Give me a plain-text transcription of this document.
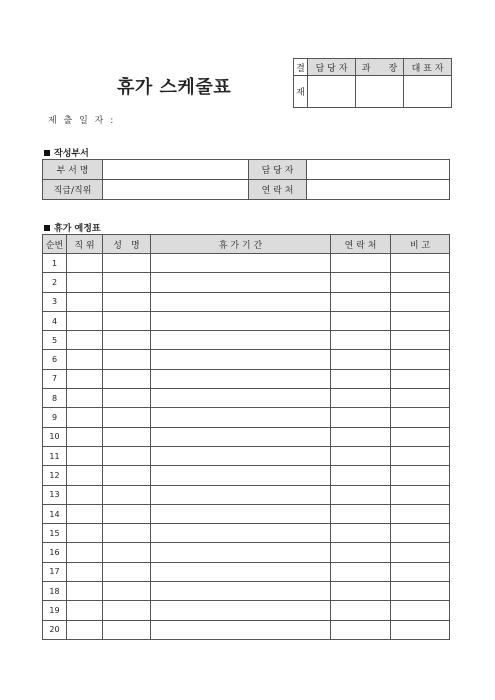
휴가 스케줄표
결	담 당 자	과　　장	대 표 자
재			
제 출 일 자 :
작성부서
부 서 명		담 당 자	
직급/직위		연 락 처	
휴가 예정표
순번	직 위	성　명	휴 가 기 간	연 락 처	비 고
1					
2					
3					
4					
5					
6					
7					
8					
9					
10					
11					
12					
13					
14					
15					
16					
17					
18					
19					
20					
